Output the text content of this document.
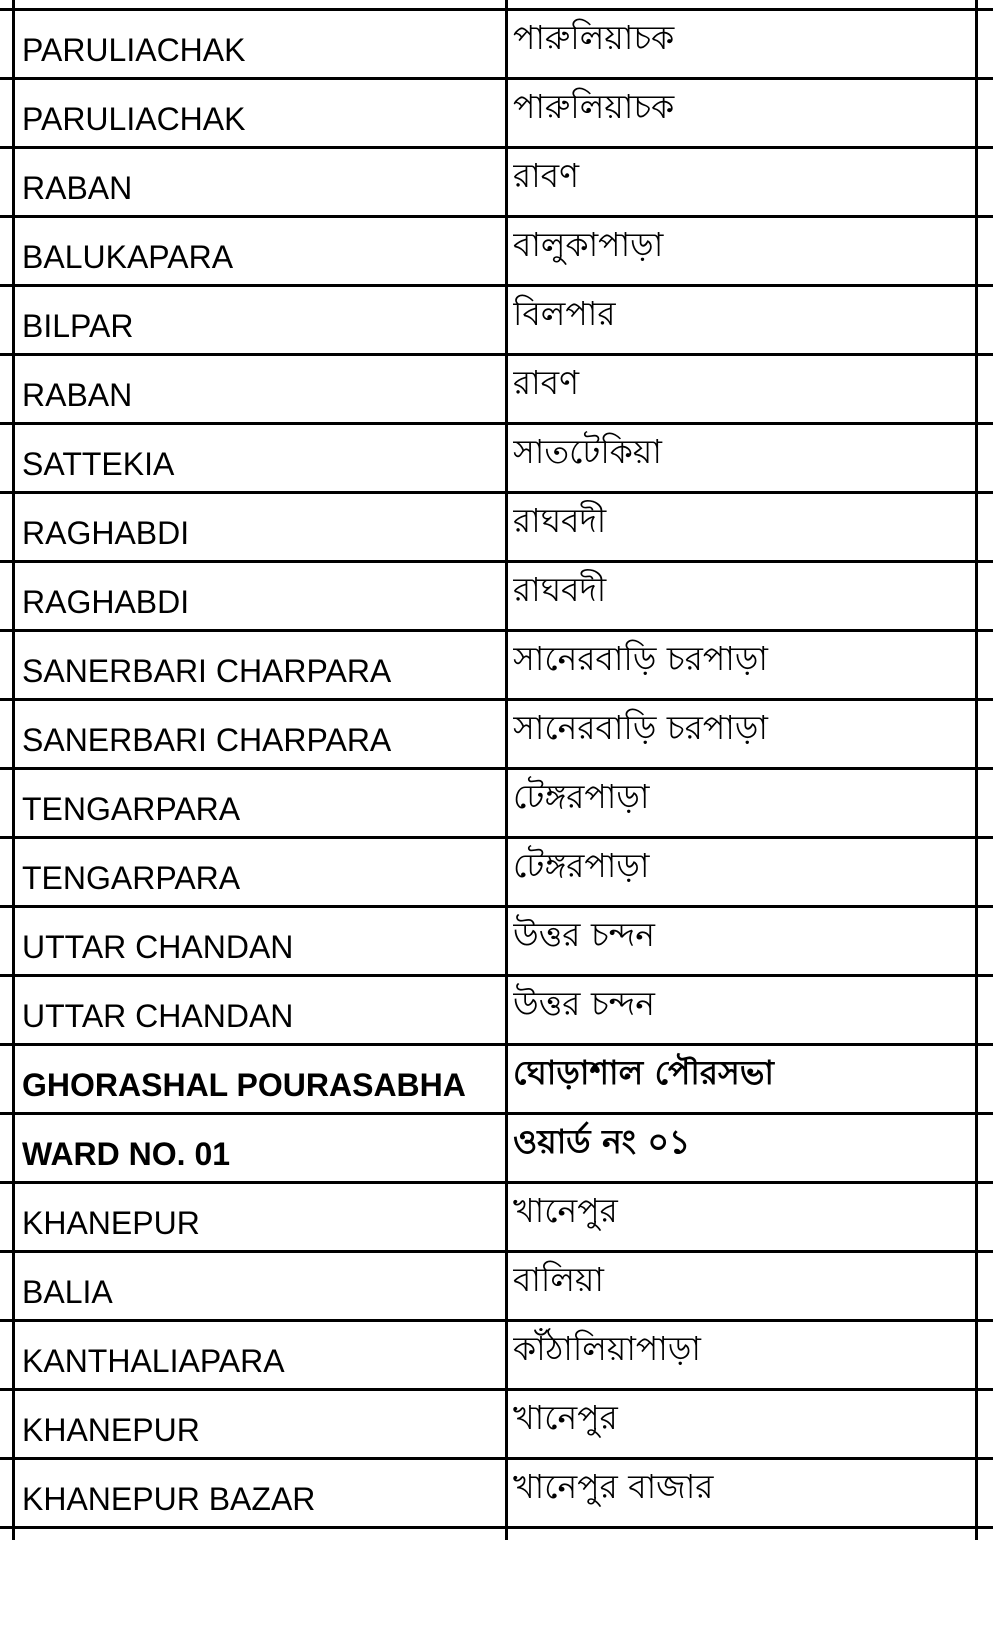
PARULIACHAK	পারুলিয়াচক
PARULIACHAK	পারুলিয়াচক
RABAN	রাবণ
BALUKAPARA	বালুকাপাড়া
BILPAR	বিলপার
RABAN	রাবণ
SATTEKIA	সাতটেকিয়া
RAGHABDI	রাঘবদী
RAGHABDI	রাঘবদী
SANERBARI CHARPARA	সানেরবাড়ি চরপাড়া
SANERBARI CHARPARA	সানেরবাড়ি চরপাড়া
TENGARPARA	টেঙ্গরপাড়া
TENGARPARA	টেঙ্গরপাড়া
UTTAR CHANDAN	উত্তর চন্দন
UTTAR CHANDAN	উত্তর চন্দন
GHORASHAL POURASABHA	ঘোড়াশাল পৌরসভা
WARD NO. 01	ওয়ার্ড নং ০১
KHANEPUR	খানেপুর
BALIA	বালিয়া
KANTHALIAPARA	কাঁঠালিয়াপাড়া
KHANEPUR	খানেপুর
KHANEPUR BAZAR	খানেপুর বাজার
